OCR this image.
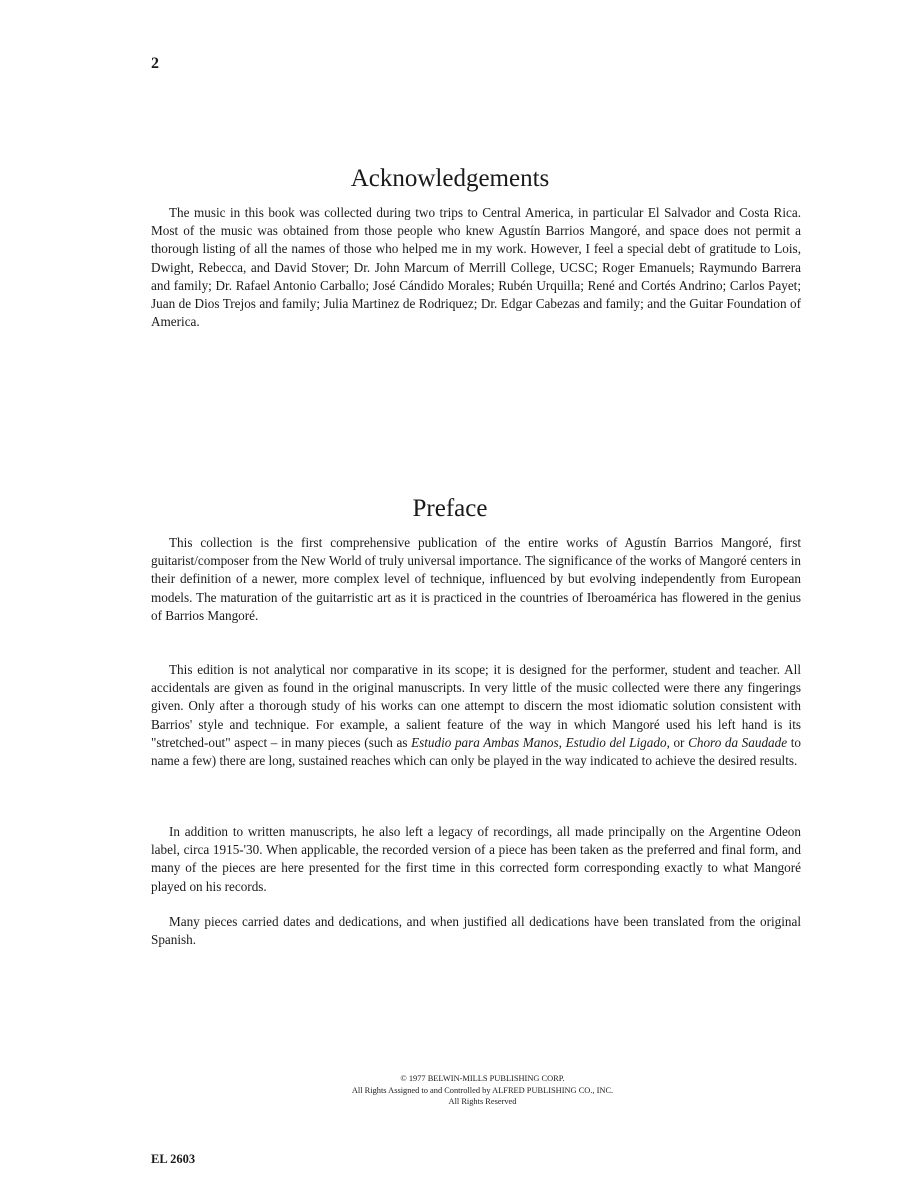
2
Acknowledgements

The music in this book was collected during two trips to Central America, in particular El Salvador and Costa Rica. Most of the music was obtained from those people who knew Agustín Barrios Mangoré, and space does not permit a thorough listing of all the names of those who helped me in my work. However, I feel a special debt of gratitude to Lois, Dwight, Rebecca, and David Stover; Dr. John Marcum of Merrill College, UCSC; Roger Emanuels; Raymundo Barrera and family; Dr. Rafael Antonio Carballo; José Cándido Morales; Rubén Urquilla; René and Cortés Andrino; Carlos Payet; Juan de Dios Trejos and family; Julia Martinez de Rodriquez; Dr. Edgar Cabezas and family; and the Guitar Foundation of America.

Preface

This collection is the first comprehensive publication of the entire works of Agustín Barrios Mangoré, first guitarist/composer from the New World of truly universal importance. The significance of the works of Mangoré centers in their definition of a newer, more complex level of technique, influenced by but evolving independently from European models. The maturation of the guitarristic art as it is practiced in the countries of Iberoamérica has flowered in the genius of Barrios Mangoré.

This edition is not analytical nor comparative in its scope; it is designed for the performer, student and teacher. All accidentals are given as found in the original manuscripts. In very little of the music collected were there any fingerings given. Only after a thorough study of his works can one attempt to discern the most idiomatic solution consistent with Barrios' style and technique. For example, a salient feature of the way in which Mangoré used his left hand is its "stretched-out" aspect – in many pieces (such as Estudio para Ambas Manos, Estudio del Ligado, or Choro da Saudade to name a few) there are long, sustained reaches which can only be played in the way indicated to achieve the desired results.

In addition to written manuscripts, he also left a legacy of recordings, all made principally on the Argentine Odeon label, circa 1915-'30. When applicable, the recorded version of a piece has been taken as the preferred and final form, and many of the pieces are here presented for the first time in this corrected form corresponding exactly to what Mangoré played on his records.

Many pieces carried dates and dedications, and when justified all dedications have been translated from the original Spanish.

© 1977 BELWIN-MILLS PUBLISHING CORP.
All Rights Assigned to and Controlled by ALFRED PUBLISHING CO., INC.
All Rights Reserved
EL 2603
